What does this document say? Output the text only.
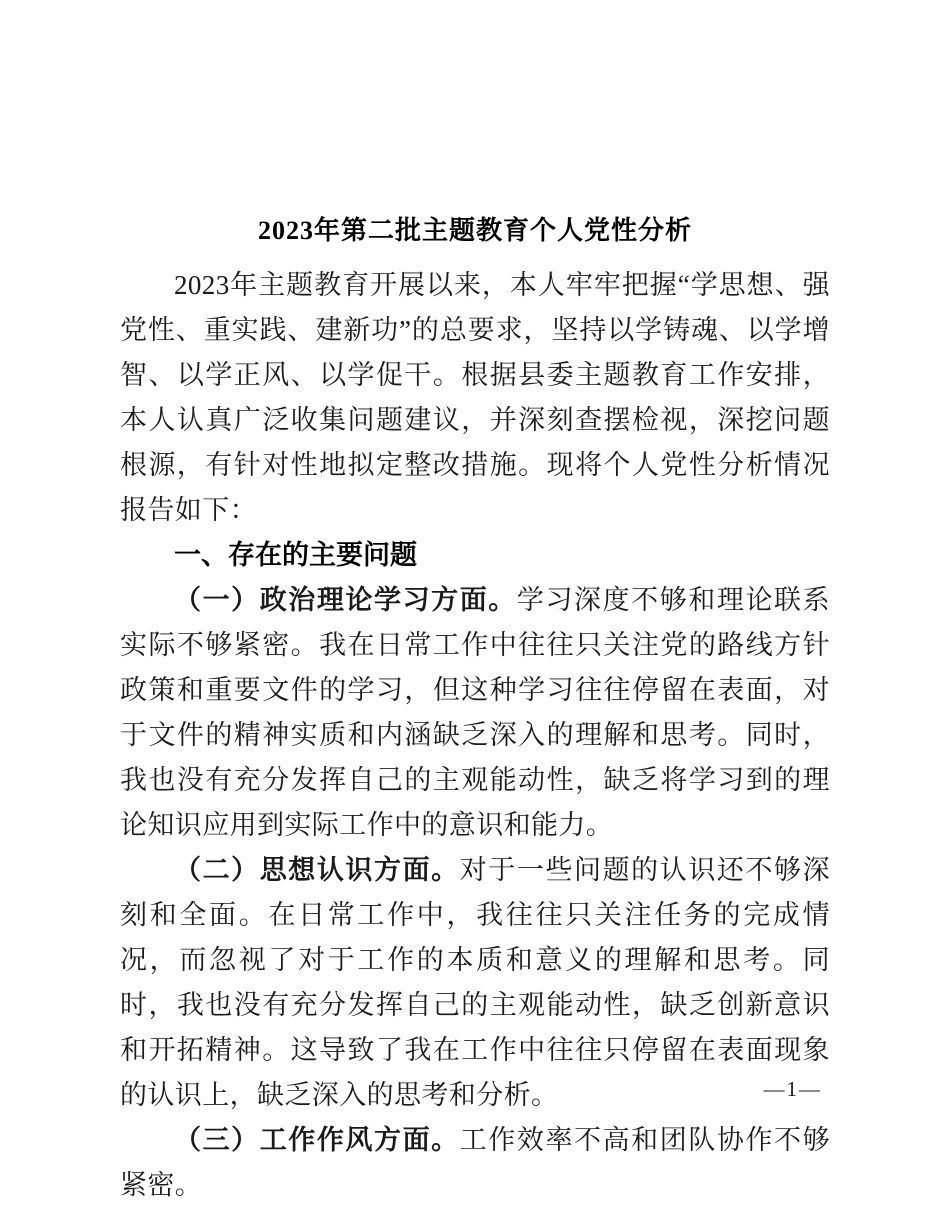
2023年第二批主题教育个人党性分析

2023年主题教育开展以来，本人牢牢把握“学思想、强党性、重实践、建新功”的总要求，坚持以学铸魂、以学增智、以学正风、以学促干。根据县委主题教育工作安排，本人认真广泛收集问题建议，并深刻查摆检视，深挖问题根源，有针对性地拟定整改措施。现将个人党性分析情况报告如下：

一、存在的主要问题

（一）政治理论学习方面。学习深度不够和理论联系实际不够紧密。我在日常工作中往往只关注党的路线方针政策和重要文件的学习，但这种学习往往停留在表面，对于文件的精神实质和内涵缺乏深入的理解和思考。同时，我也没有充分发挥自己的主观能动性，缺乏将学习到的理论知识应用到实际工作中的意识和能力。

（二）思想认识方面。对于一些问题的认识还不够深刻和全面。在日常工作中，我往往只关注任务的完成情况，而忽视了对于工作的本质和意义的理解和思考。同时，我也没有充分发挥自己的主观能动性，缺乏创新意识和开拓精神。这导致了我在工作中往往只停留在表面现象的认识上，缺乏深入的思考和分析。

（三）工作作风方面。工作效率不高和团队协作不够紧密。

—1—
